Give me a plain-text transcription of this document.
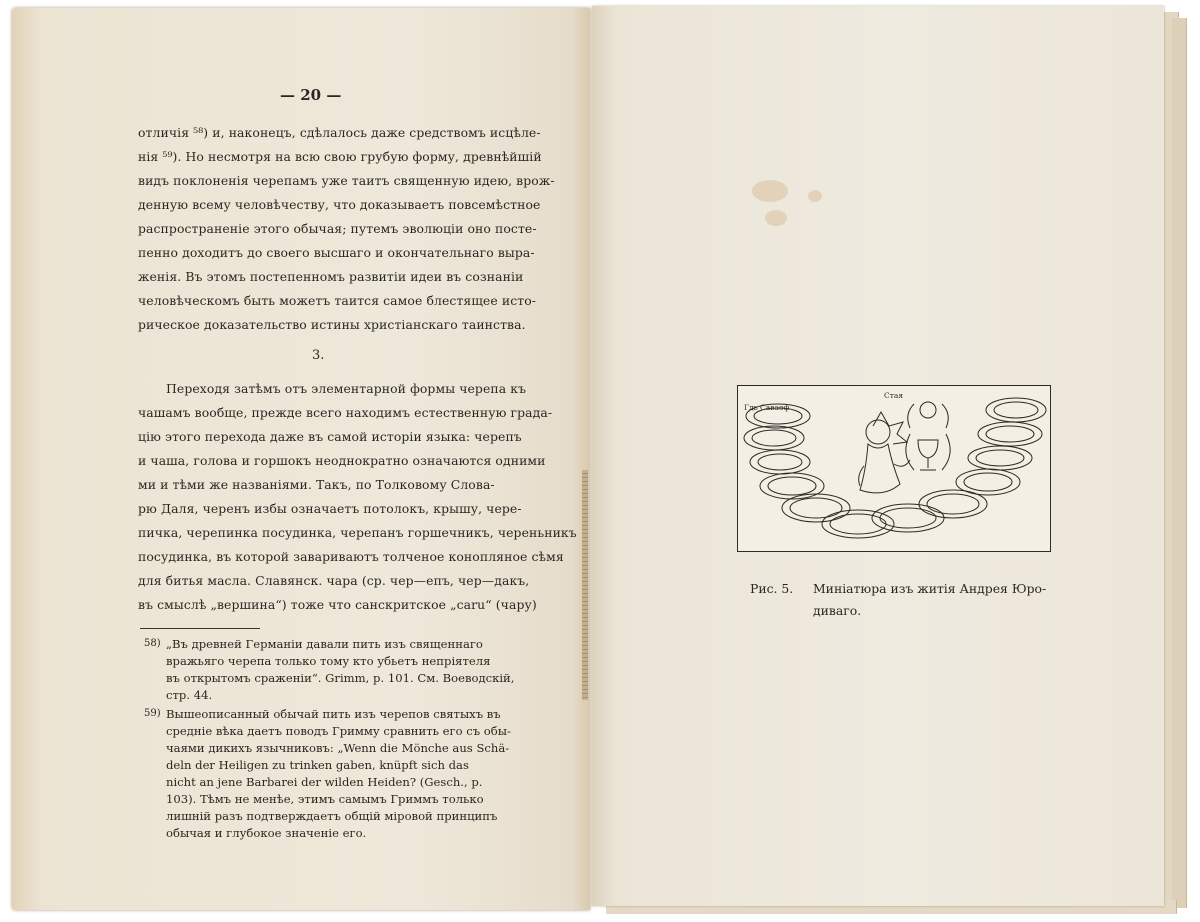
— 20 —
отличія ⁵⁸) и, наконецъ, сдѣлалось даже средствомъ исцѣле-
нія ⁵⁹). Но несмотря на всю свою грубую форму, древнѣйшій
видъ поклоненія черепамъ уже таитъ священную идею, врож-
денную всему человѣчеству, что доказываетъ повсемѣстное
распространеніе этого обычая; путемъ эволюціи оно посте-
пенно доходитъ до своего высшаго и окончательнаго выра-
женія. Въ этомъ постепенномъ развитіи идеи въ сознаніи
человѣческомъ быть можетъ таится самое блестящее исто-
рическое доказательство истины христіанскаго таинства.
3.
Переходя затѣмъ отъ элементарной формы черепа къ
чашамъ вообще, прежде всего находимъ естественную града-
цію этого перехода даже въ самой исторіи языка: черепъ
и чаша, голова и горшокъ неоднократно означаются одними
ми и тѣми же названіями. Такъ, по Толковому Слова-
рю Даля, черенъ избы означаетъ потолокъ, крышу, чере-
пичка, черепинка посудинка, черепанъ горшечникъ, череньникъ
посудинка, въ которой завариваютъ толченое конопляное сѣмя
для битья масла. Славянск. чара (ср. чер—епъ, чер—дакъ,
въ смыслѣ „вершина“) тоже что санскритское „caru“ (чару)
58) „Въ древней Германіи давали пить изъ священнаго
вражьяго черепа только тому кто убьетъ непріятеля
въ открытомъ сраженіи“. Grimm, p. 101. См. Воеводскій,
стр. 44.
59) Вышеописанный обычай пить изъ черепов святыхъ въ
средніе вѣка даетъ поводъ Гримму сравнить его съ обы-
чаями дикихъ язычниковъ: „Wenn die Mönche aus Schä-
deln der Heiligen zu trinken gaben, knüpft sich das
nicht an jene Barbarei der wilden Heiden? (Gesch., p.
103). Тѣмъ не менѣе, этимъ самымъ Гриммъ только
лишній разъ подтверждаетъ общій міровой принципъ
обычая и глубокое значеніе его.
Гдь Саваоф
Стая
Рис. 5. Миніатюра изъ житія Андрея Юро-
диваго.
